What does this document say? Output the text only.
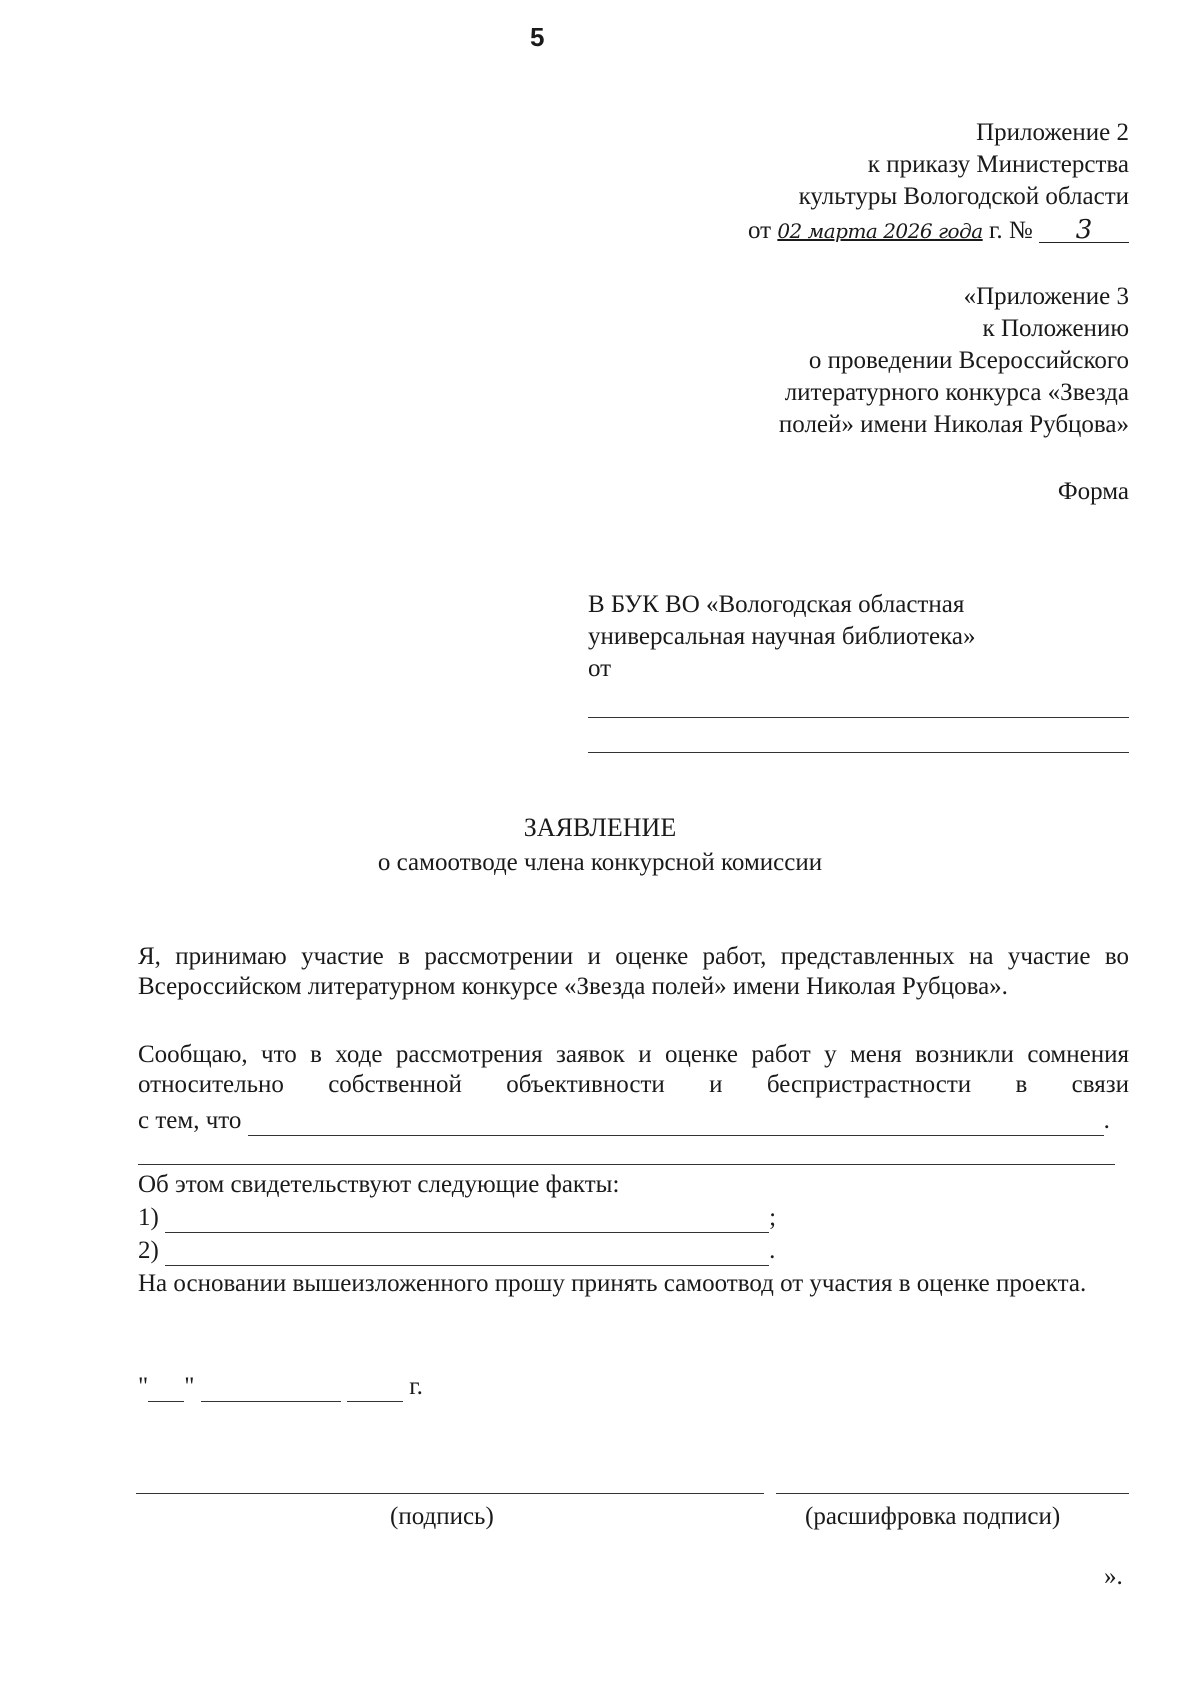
5
Приложение 2
к приказу Министерства
культуры Вологодской области
от 02 марта 2026 года г. № 3
«Приложение 3
к Положению
о проведении Всероссийского
литературного конкурса «Звезда
полей» имени Николая Рубцова»
Форма
В БУК ВО «Вологодская областная
универсальная научная библиотека»
от
ЗАЯВЛЕНИЕ
о самоотводе члена конкурсной комиссии
Я, принимаю участие в рассмотрении и оценке работ, представленных на участие во Всероссийском литературном конкурсе «Звезда полей» имени Николая Рубцова».
Сообщаю, что в ходе рассмотрения заявок и оценке работ у меня возникли сомнения относительно собственной объективности и беспристрастности в связи
с тем, что	.
Об этом свидетельствуют следующие факты:
1)	;
2)	.
На основании вышеизложенного прошу принять самоотвод от участия в оценке проекта.
" "	г.
(подпись)	(расшифровка подписи)
».
